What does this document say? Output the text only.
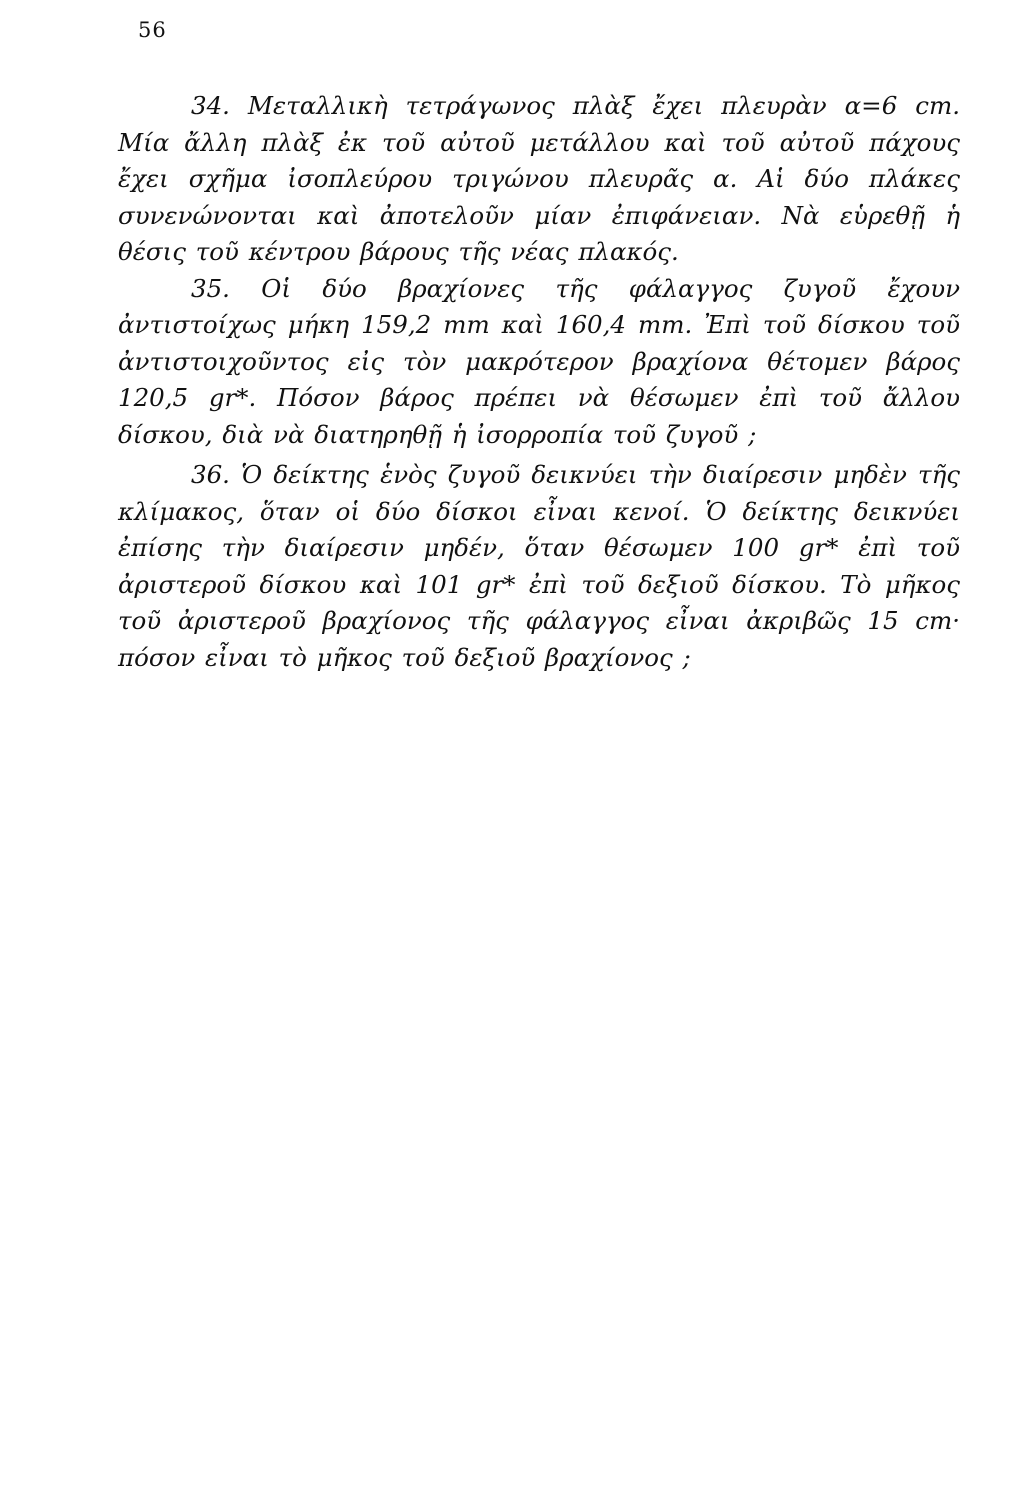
56

34. Μεταλλικὴ τετράγωνος πλὰξ ἔχει πλευρὰν α=6 cm. Μία ἄλλη πλὰξ ἐκ τοῦ αὐτοῦ μετάλλου καὶ τοῦ αὐτοῦ πάχους ἔχει σχῆμα ἰσοπλεύρου τριγώνου πλευρᾶς α. Αἱ δύο πλάκες συνενώνονται καὶ ἀποτελοῦν μίαν ἐπιφάνειαν. Νὰ εὑρεθῇ ἡ θέσις τοῦ κέντρου βάρους τῆς νέας πλακός.

35. Οἱ δύο βραχίονες τῆς φάλαγγος ζυγοῦ ἔχουν ἀντιστοίχως μήκη 159,2 mm καὶ 160,4 mm. Ἐπὶ τοῦ δίσκου τοῦ ἀντιστοιχοῦντος εἰς τὸν μακρότερον βραχίονα θέτομεν βάρος 120,5 gr*. Πόσον βάρος πρέπει νὰ θέσωμεν ἐπὶ τοῦ ἄλλου δίσκου, διὰ νὰ διατηρηθῇ ἡ ἰσορροπία τοῦ ζυγοῦ ;

36. Ὁ δείκτης ἑνὸς ζυγοῦ δεικνύει τὴν διαίρεσιν μηδὲν τῆς κλίμακος, ὅταν οἱ δύο δίσκοι εἶναι κενοί. Ὁ δείκτης δεικνύει ἐπίσης τὴν διαίρεσιν μηδέν, ὅταν θέσωμεν 100 gr* ἐπὶ τοῦ ἀριστεροῦ δίσκου καὶ 101 gr* ἐπὶ τοῦ δεξιοῦ δίσκου. Τὸ μῆκος τοῦ ἀριστεροῦ βραχίονος τῆς φάλαγγος εἶναι ἀκριβῶς 15 cm· πόσον εἶναι τὸ μῆκος τοῦ δεξιοῦ βραχίονος ;
